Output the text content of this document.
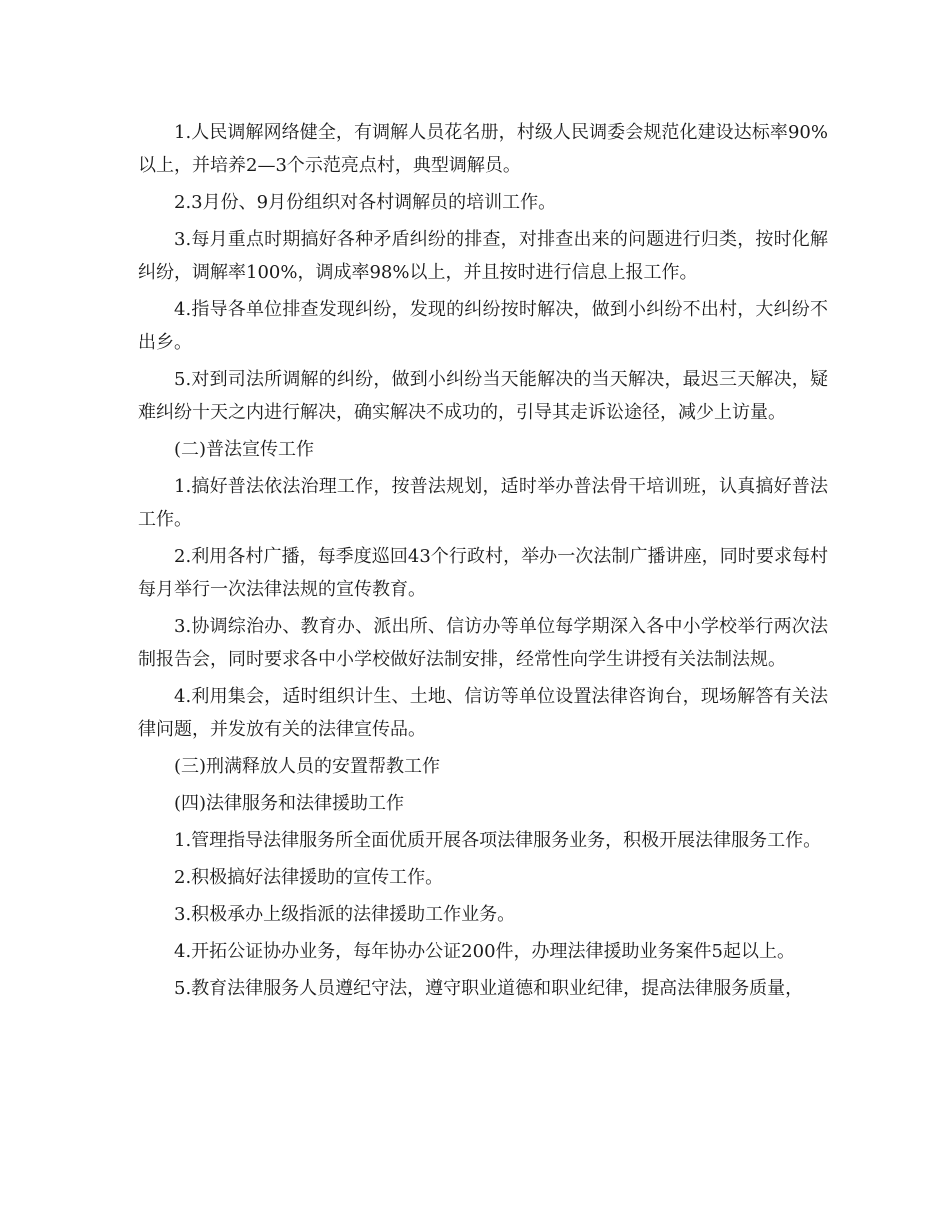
1.人民调解网络健全，有调解人员花名册，村级人民调委会规范化建设达标率90%以上，并培养2—3个示范亮点村，典型调解员。

2.3月份、9月份组织对各村调解员的培训工作。

3.每月重点时期搞好各种矛盾纠纷的排查，对排查出来的问题进行归类，按时化解纠纷，调解率100%，调成率98%以上，并且按时进行信息上报工作。

4.指导各单位排查发现纠纷，发现的纠纷按时解决，做到小纠纷不出村，大纠纷不出乡。

5.对到司法所调解的纠纷，做到小纠纷当天能解决的当天解决，最迟三天解决，疑难纠纷十天之内进行解决，确实解决不成功的，引导其走诉讼途径，减少上访量。

(二)普法宣传工作

1.搞好普法依法治理工作，按普法规划，适时举办普法骨干培训班，认真搞好普法工作。

2.利用各村广播，每季度巡回43个行政村，举办一次法制广播讲座，同时要求每村每月举行一次法律法规的宣传教育。

3.协调综治办、教育办、派出所、信访办等单位每学期深入各中小学校举行两次法制报告会，同时要求各中小学校做好法制安排，经常性向学生讲授有关法制法规。

4.利用集会，适时组织计生、土地、信访等单位设置法律咨询台，现场解答有关法律问题，并发放有关的法律宣传品。

(三)刑满释放人员的安置帮教工作

(四)法律服务和法律援助工作

1.管理指导法律服务所全面优质开展各项法律服务业务，积极开展法律服务工作。

2.积极搞好法律援助的宣传工作。

3.积极承办上级指派的法律援助工作业务。

4.开拓公证协办业务，每年协办公证200件，办理法律援助业务案件5起以上。

5.教育法律服务人员遵纪守法，遵守职业道德和职业纪律，提高法律服务质量，
